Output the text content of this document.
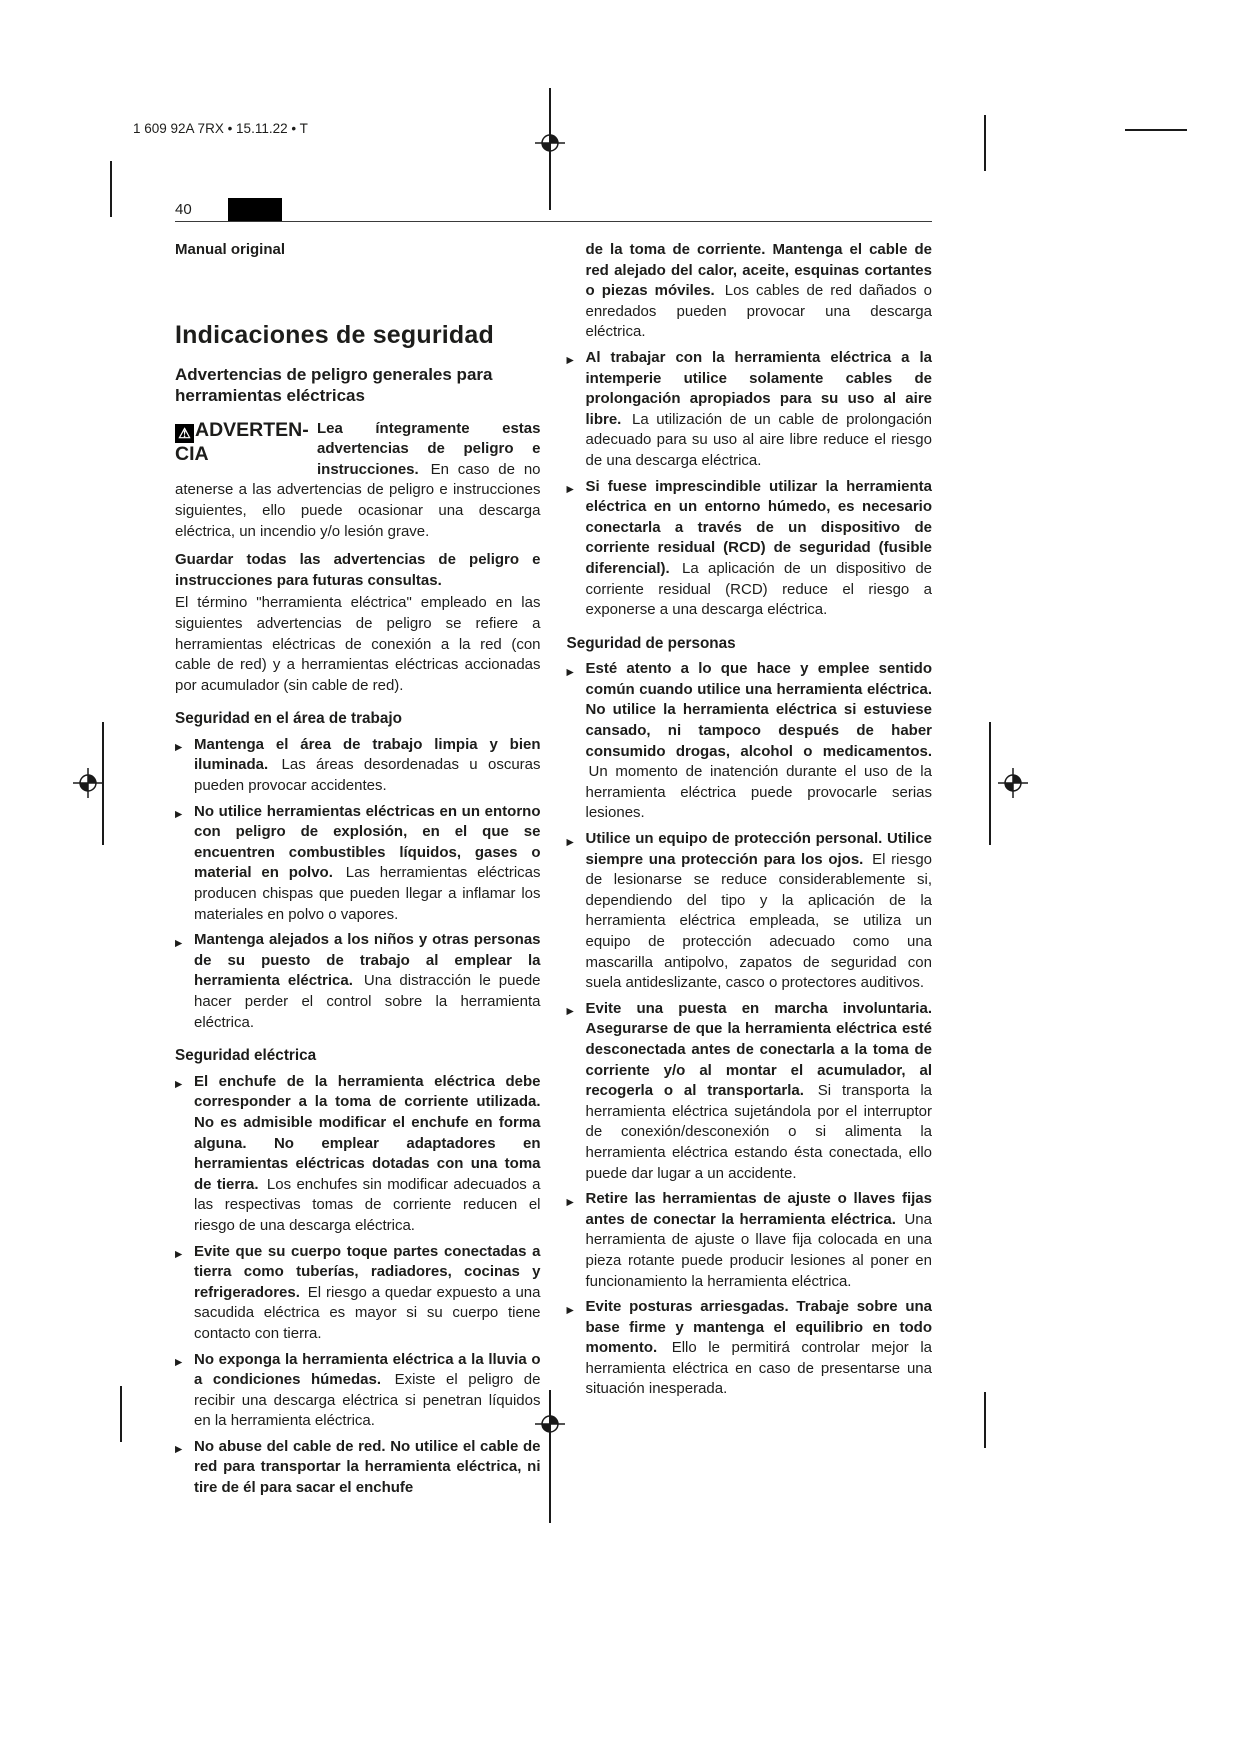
1 609 92A 7RX • 15.11.22 • T
40

Manual original

Indicaciones de seguridad
Advertencias de peligro generales para herramientas eléctricas
⚠ ADVERTEN-
CIA
Lea íntegramente estas advertencias de peligro e instrucciones. En caso de no atenerse a las advertencias de peligro e instrucciones siguientes, ello puede ocasionar una descarga eléctrica, un incendio y/o lesión grave.

Guardar todas las advertencias de peligro e instrucciones para futuras consultas.

El término "herramienta eléctrica" empleado en las siguientes advertencias de peligro se refiere a herramientas eléctricas de conexión a la red (con cable de red) y a herramientas eléctricas accionadas por acumulador (sin cable de red).

Seguridad en el área de trabajo
▶ Mantenga el área de trabajo limpia y bien iluminada. Las áreas desordenadas u oscuras pueden provocar accidentes.

▶ No utilice herramientas eléctricas en un entorno con peligro de explosión, en el que se encuentren combustibles líquidos, gases o material en polvo. Las herramientas eléctricas producen chispas que pueden llegar a inflamar los materiales en polvo o vapores.

▶ Mantenga alejados a los niños y otras personas de su puesto de trabajo al emplear la herramienta eléctrica. Una distracción le puede hacer perder el control sobre la herramienta eléctrica.

Seguridad eléctrica
▶ El enchufe de la herramienta eléctrica debe corresponder a la toma de corriente utilizada. No es admisible modificar el enchufe en forma alguna. No emplear adaptadores en herramientas eléctricas dotadas con una toma de tierra. Los enchufes sin modificar adecuados a las respectivas tomas de corriente reducen el riesgo de una descarga eléctrica.

▶ Evite que su cuerpo toque partes conectadas a tierra como tuberías, radiadores, cocinas y refrigeradores. El riesgo a quedar expuesto a una sacudida eléctrica es mayor si su cuerpo tiene contacto con tierra.

▶ No exponga la herramienta eléctrica a la lluvia o a condiciones húmedas. Existe el peligro de recibir una descarga eléctrica si penetran líquidos en la herramienta eléctrica.

▶ No abuse del cable de red. No utilice el cable de red para transportar la herramienta eléctrica, ni tire de él para sacar el enchufe

de la toma de corriente. Mantenga el cable de red alejado del calor, aceite, esquinas cortantes o piezas móviles. Los cables de red dañados o enredados pueden provocar una descarga eléctrica.

▶ Al trabajar con la herramienta eléctrica a la intemperie utilice solamente cables de prolongación apropiados para su uso al aire libre. La utilización de un cable de prolongación adecuado para su uso al aire libre reduce el riesgo de una descarga eléctrica.

▶ Si fuese imprescindible utilizar la herramienta eléctrica en un entorno húmedo, es necesario conectarla a través de un dispositivo de corriente residual (RCD) de seguridad (fusible diferencial). La aplicación de un dispositivo de corriente residual (RCD) reduce el riesgo a exponerse a una descarga eléctrica.

Seguridad de personas
▶ Esté atento a lo que hace y emplee sentido común cuando utilice una herramienta eléctrica. No utilice la herramienta eléctrica si estuviese cansado, ni tampoco después de haber consumido drogas, alcohol o medicamentos. Un momento de inatención durante el uso de la herramienta eléctrica puede provocarle serias lesiones.

▶ Utilice un equipo de protección personal. Utilice siempre una protección para los ojos. El riesgo de lesionarse se reduce considerablemente si, dependiendo del tipo y la aplicación de la herramienta eléctrica empleada, se utiliza un equipo de protección adecuado como una mascarilla antipolvo, zapatos de seguridad con suela antideslizante, casco o protectores auditivos.

▶ Evite una puesta en marcha involuntaria. Asegurarse de que la herramienta eléctrica esté desconectada antes de conectarla a la toma de corriente y/o al montar el acumulador, al recogerla o al transportarla. Si transporta la herramienta eléctrica sujetándola por el interruptor de conexión/desconexión o si alimenta la herramienta eléctrica estando ésta conectada, ello puede dar lugar a un accidente.

▶ Retire las herramientas de ajuste o llaves fijas antes de conectar la herramienta eléctrica. Una herramienta de ajuste o llave fija colocada en una pieza rotante puede producir lesiones al poner en funcionamiento la herramienta eléctrica.

▶ Evite posturas arriesgadas. Trabaje sobre una base firme y mantenga el equilibrio en todo momento. Ello le permitirá controlar mejor la herramienta eléctrica en caso de presentarse una situación inesperada.
